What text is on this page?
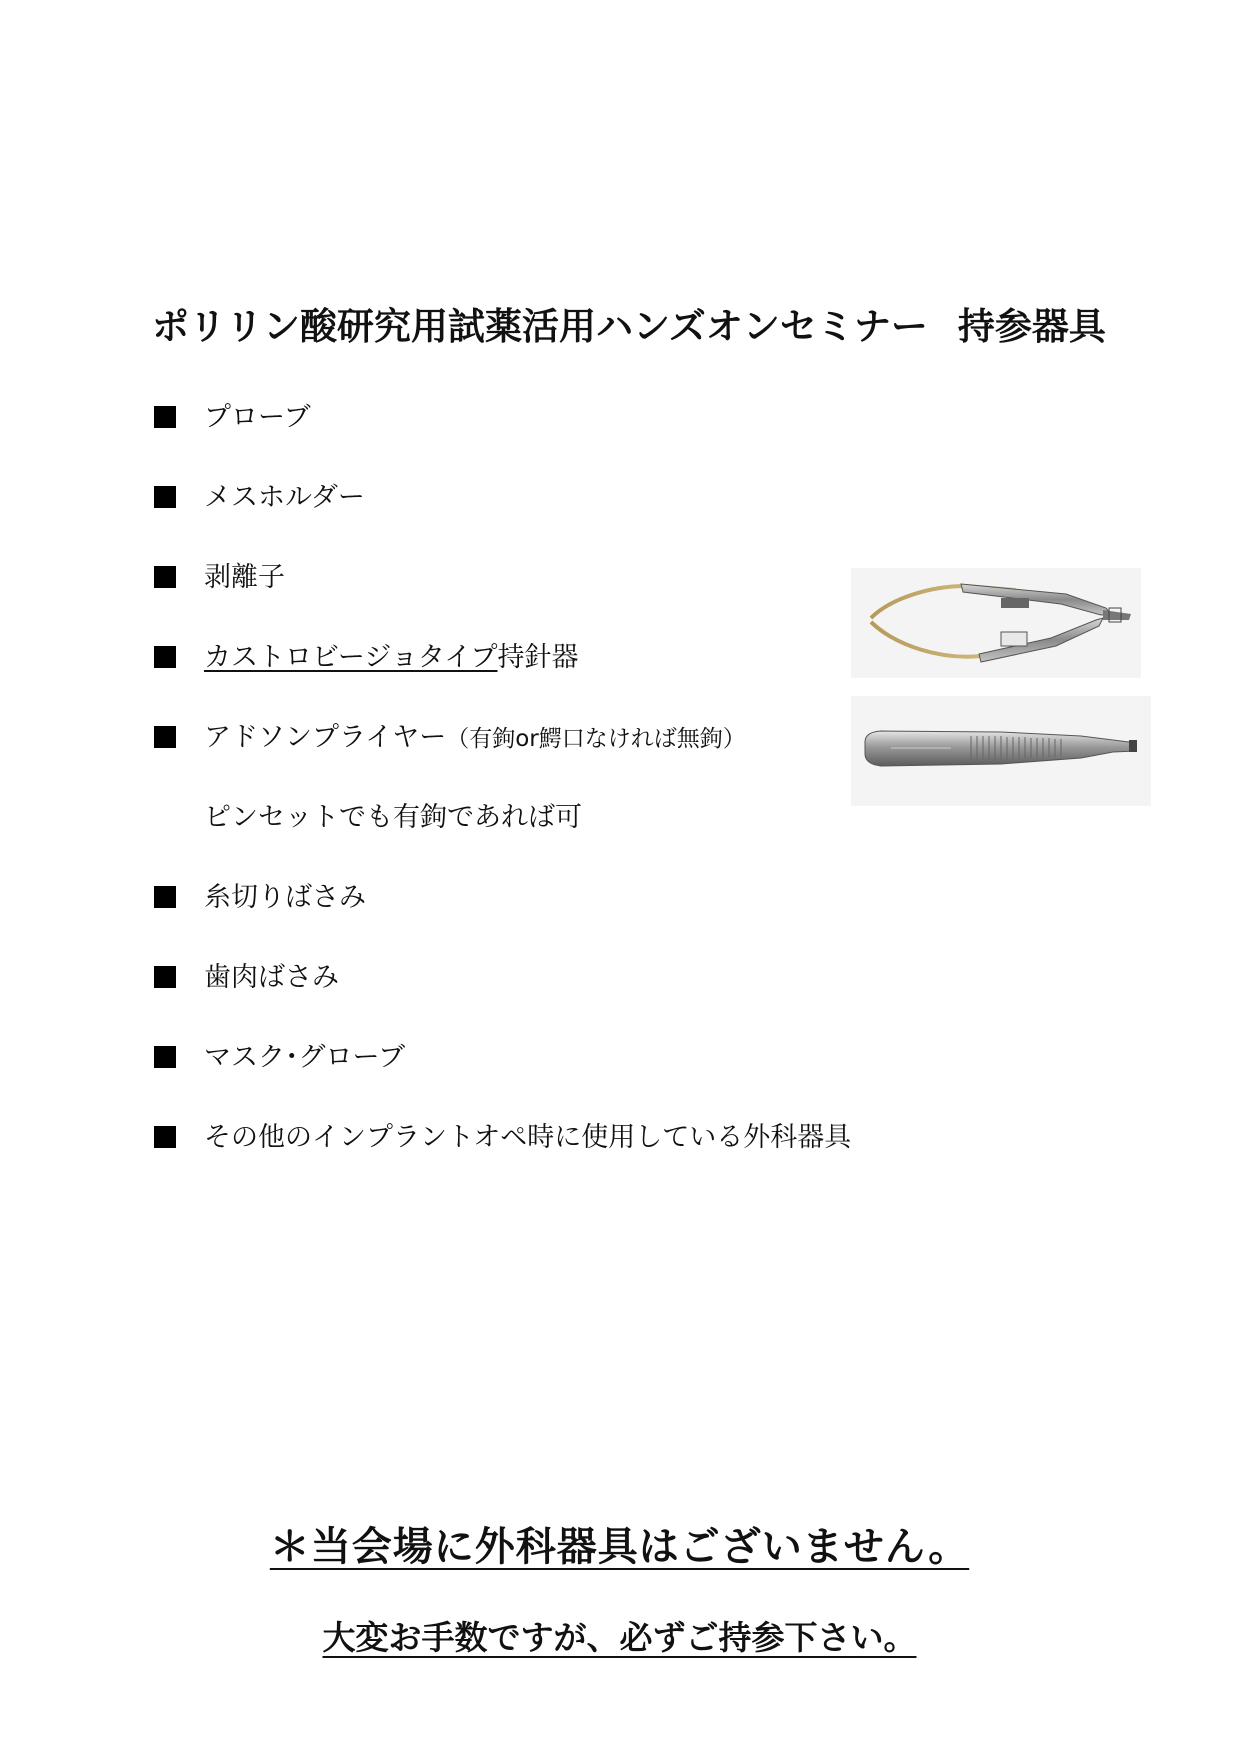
ポリリン酸研究用試薬活用ハンズオンセミナー 持参器具
プローブ
メスホルダー
剥離子
カストロビージョタイプ持針器
アドソンプライヤー（有鉤or鰐口なければ無鉤）
糸切りばさみ
歯肉ばさみ
マスク･グローブ
その他のインプラントオペ時に使用している外科器具
ピンセットでも有鉤であれば可

＊当会場に外科器具はございません。

大変お手数ですが、必ずご持参下さい。
